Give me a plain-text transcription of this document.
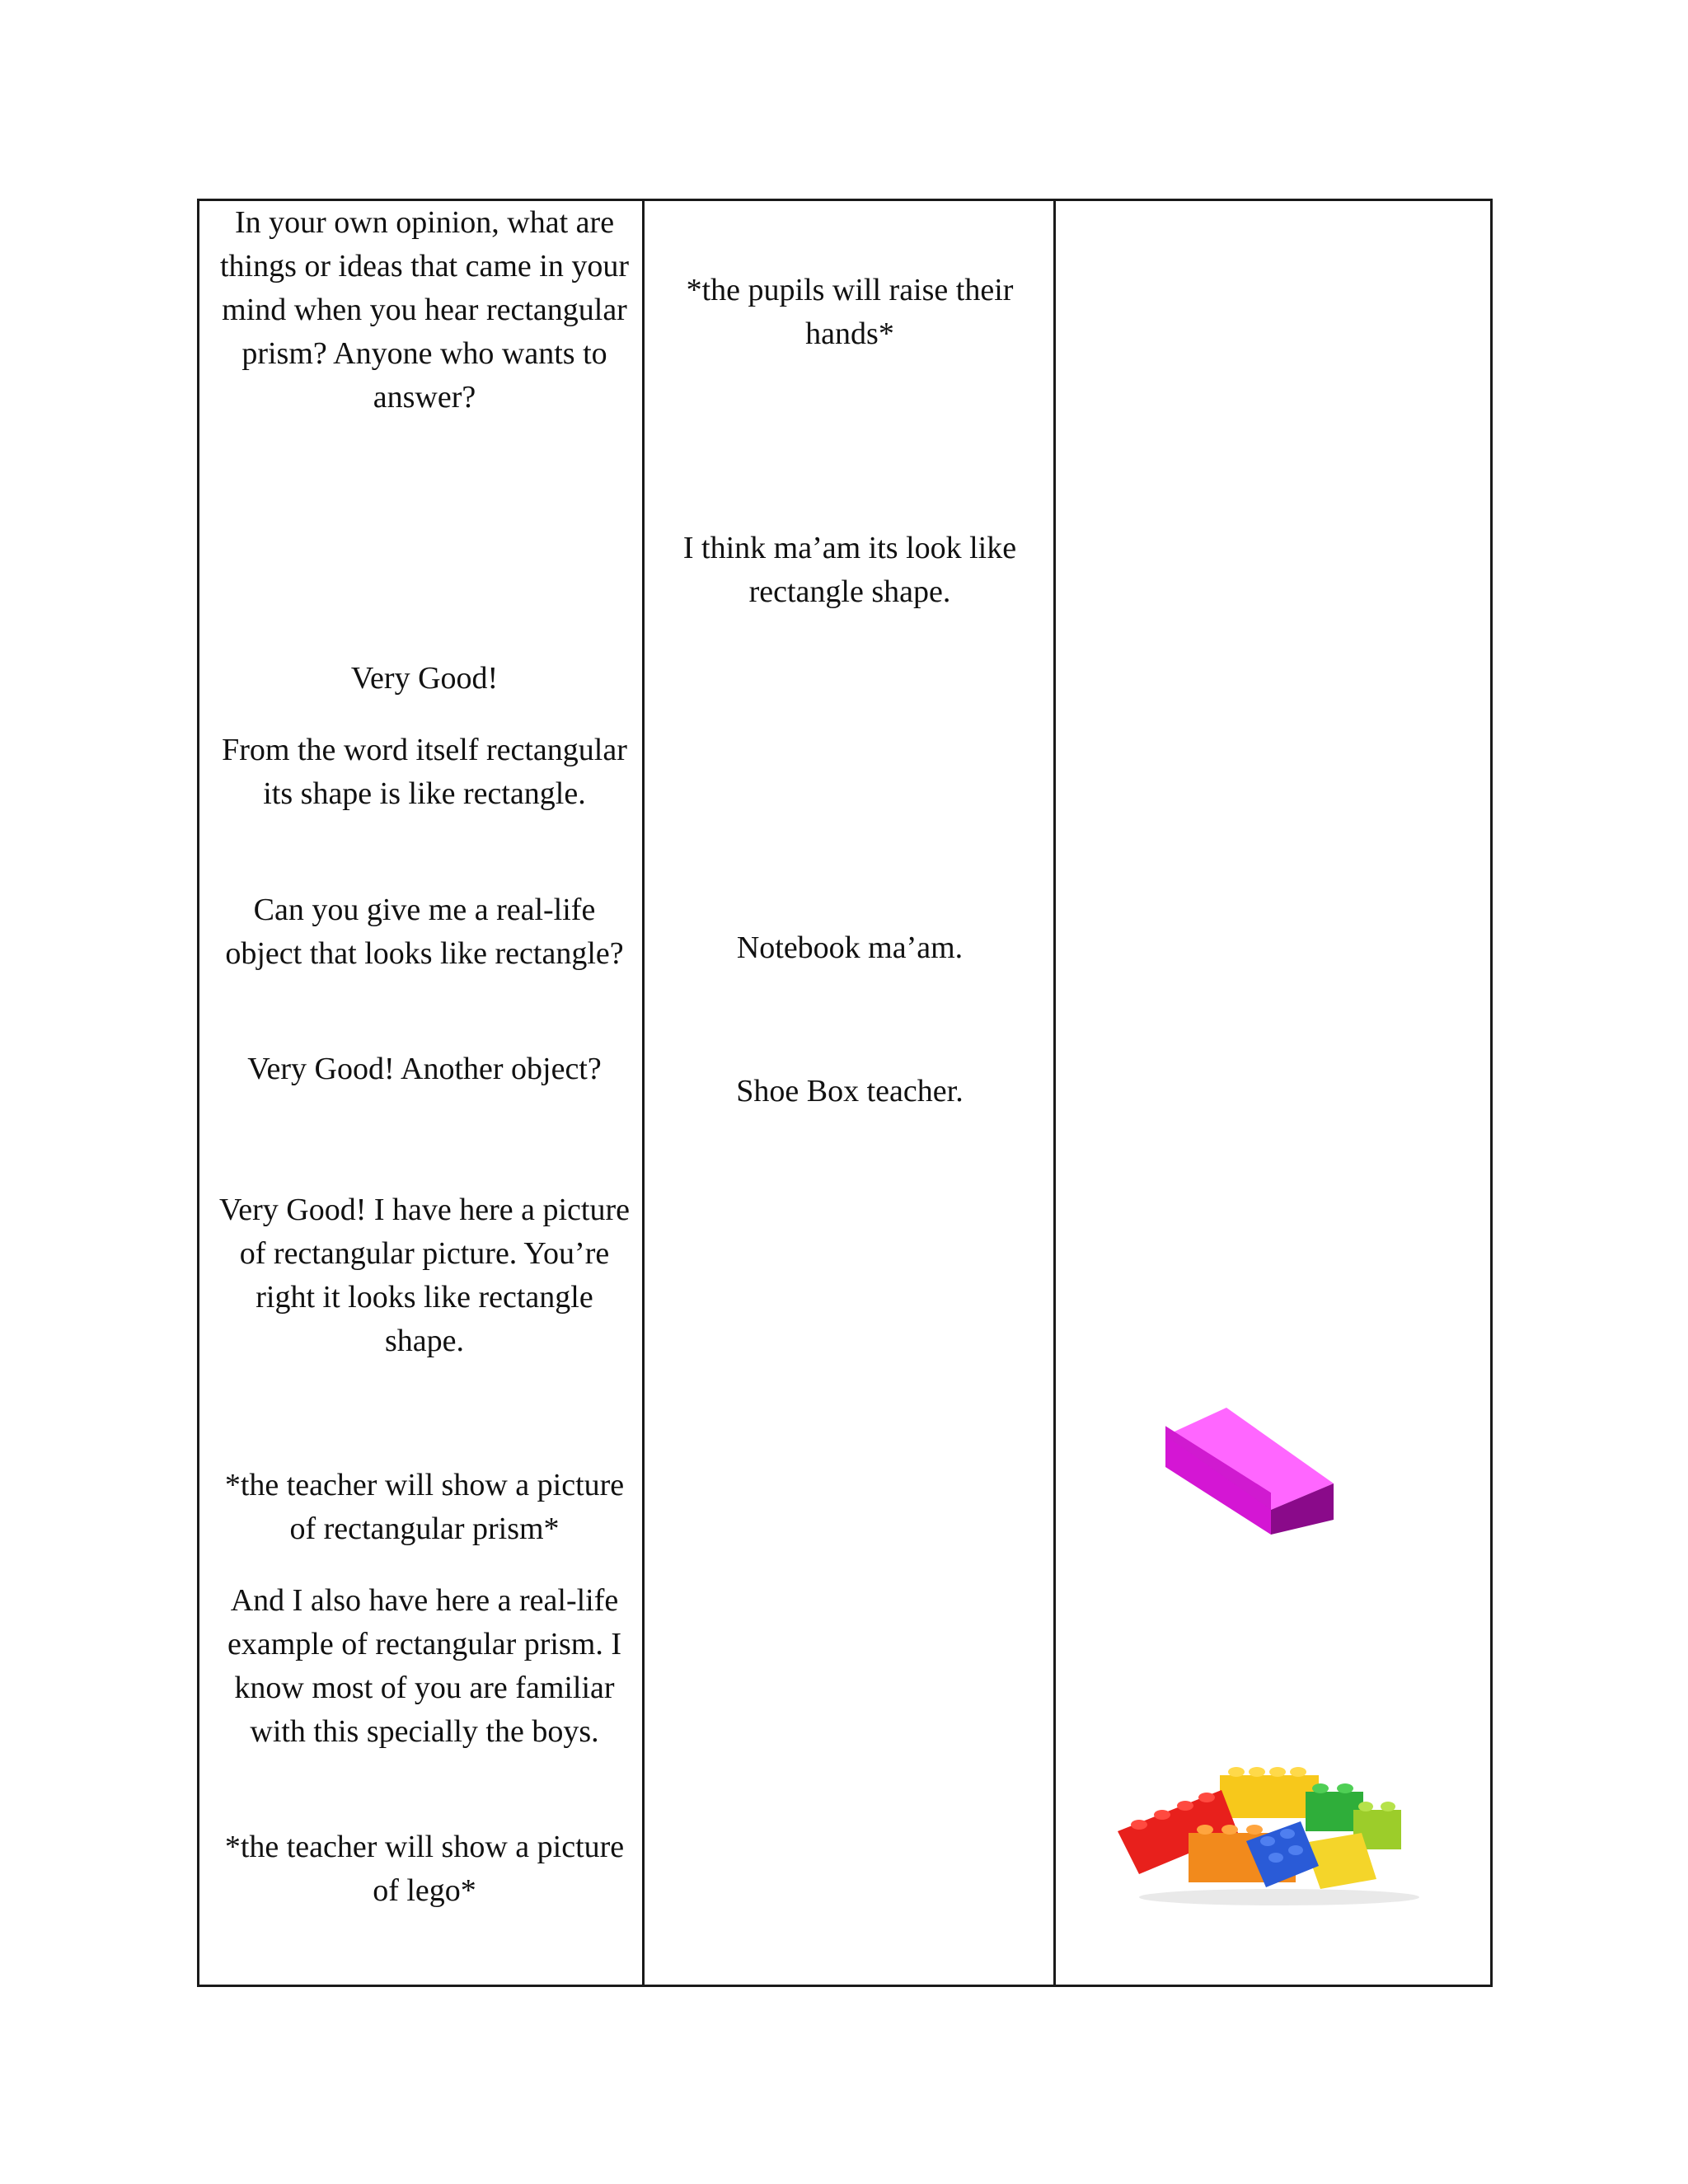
In your own opinion, what are things or ideas that came in your mind when you hear rectangular prism? Anyone who wants to answer?
Very Good!
From the word itself rectangular its shape is like rectangle.
Can you give me a real-life object that looks like rectangle?
Very Good! Another object?
Very Good! I have here a picture of rectangular picture. You’re right it looks like rectangle shape.
*the teacher will show a picture of rectangular prism*
And I also have here a real-life example of rectangular prism. I know most of you are familiar with this specially the boys.
*the teacher will show a picture of lego*
*the pupils will raise their hands*
I think ma’am its look like rectangle shape.
Notebook ma’am.
Shoe Box teacher.
